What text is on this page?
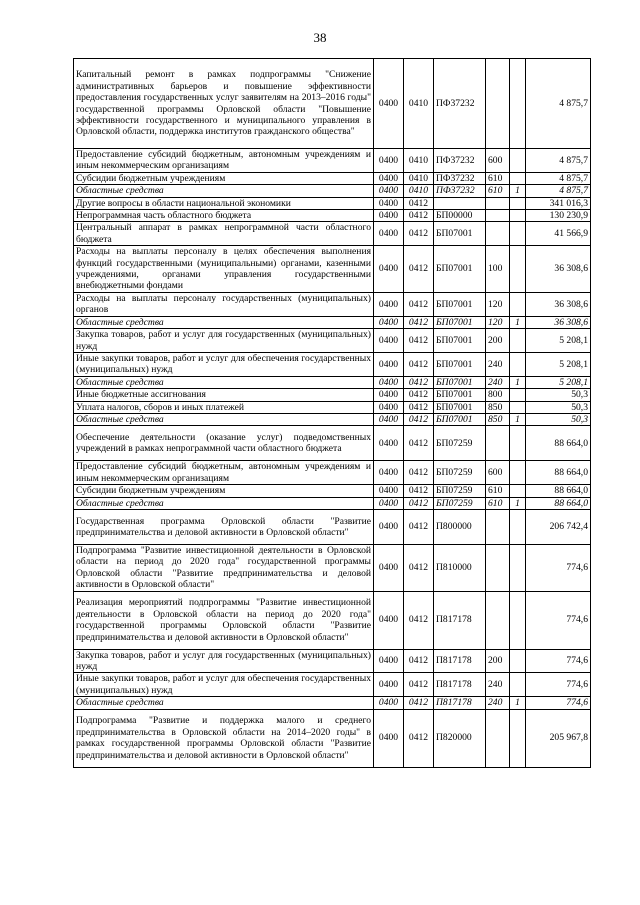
38
Капитальный ремонт в рамках подпрограммы "Снижение административных барьеров и повышение эффективности предоставления государственных услуг заявителям на 2013–2016 годы" государственной программы Орловской области "Повышение эффективности государственного и муниципального управления в Орловской области, поддержка институтов гражданского общества"	0400	0410	ПФ37232			4 875,7
Предоставление субсидий бюджетным, автономным учреждениям и иным некоммерческим организациям	0400	0410	ПФ37232	600		4 875,7
Субсидии бюджетным учреждениям	0400	0410	ПФ37232	610		4 875,7
Областные средства	0400	0410	ПФ37232	610	1	4 875,7
Другие вопросы в области национальной экономики	0400	0412				341 016,3
Непрограммная часть областного бюджета	0400	0412	БП00000			130 230,9
Центральный аппарат в рамках непрограммной части областного бюджета	0400	0412	БП07001			41 566,9
Расходы на выплаты персоналу в целях обеспечения выполнения функций государственными (муниципальными) органами, казенными учреждениями, органами управления государственными внебюджетными фондами	0400	0412	БП07001	100		36 308,6
Расходы на выплаты персоналу государственных (муниципальных) органов	0400	0412	БП07001	120		36 308,6
Областные средства	0400	0412	БП07001	120	1	36 308,6
Закупка товаров, работ и услуг для государственных (муниципальных) нужд	0400	0412	БП07001	200		5 208,1
Иные закупки товаров, работ и услуг для обеспечения государственных (муниципальных) нужд	0400	0412	БП07001	240		5 208,1
Областные средства	0400	0412	БП07001	240	1	5 208,1
Иные бюджетные ассигнования	0400	0412	БП07001	800		50,3
Уплата налогов, сборов и иных платежей	0400	0412	БП07001	850		50,3
Областные средства	0400	0412	БП07001	850	1	50,3
Обеспечение деятельности (оказание услуг) подведомственных учреждений в рамках непрограммной части областного бюджета	0400	0412	БП07259			88 664,0
Предоставление субсидий бюджетным, автономным учреждениям и иным некоммерческим организациям	0400	0412	БП07259	600		88 664,0
Субсидии бюджетным учреждениям	0400	0412	БП07259	610		88 664,0
Областные средства	0400	0412	БП07259	610	1	88 664,0
Государственная программа Орловской области "Развитие предпринимательства и деловой активности в Орловской области"	0400	0412	П800000			206 742,4
Подпрограмма "Развитие инвестиционной деятельности в Орловской области на период до 2020 года" государственной программы Орловской области "Развитие предпринимательства и деловой активности в Орловской области"	0400	0412	П810000			774,6
Реализация мероприятий подпрограммы "Развитие инвестиционной деятельности в Орловской области на период до 2020 года" государственной программы Орловской области "Развитие предпринимательства и деловой активности в Орловской области"	0400	0412	П817178			774,6
Закупка товаров, работ и услуг для государственных (муниципальных) нужд	0400	0412	П817178	200		774,6
Иные закупки товаров, работ и услуг для обеспечения государственных (муниципальных) нужд	0400	0412	П817178	240		774,6
Областные средства	0400	0412	П817178	240	1	774,6
Подпрограмма "Развитие и поддержка малого и среднего предпринимательства в Орловской области на 2014–2020 годы" в рамках государственной программы Орловской области "Развитие предпринимательства и деловой активности в Орловской области"	0400	0412	П820000			205 967,8
